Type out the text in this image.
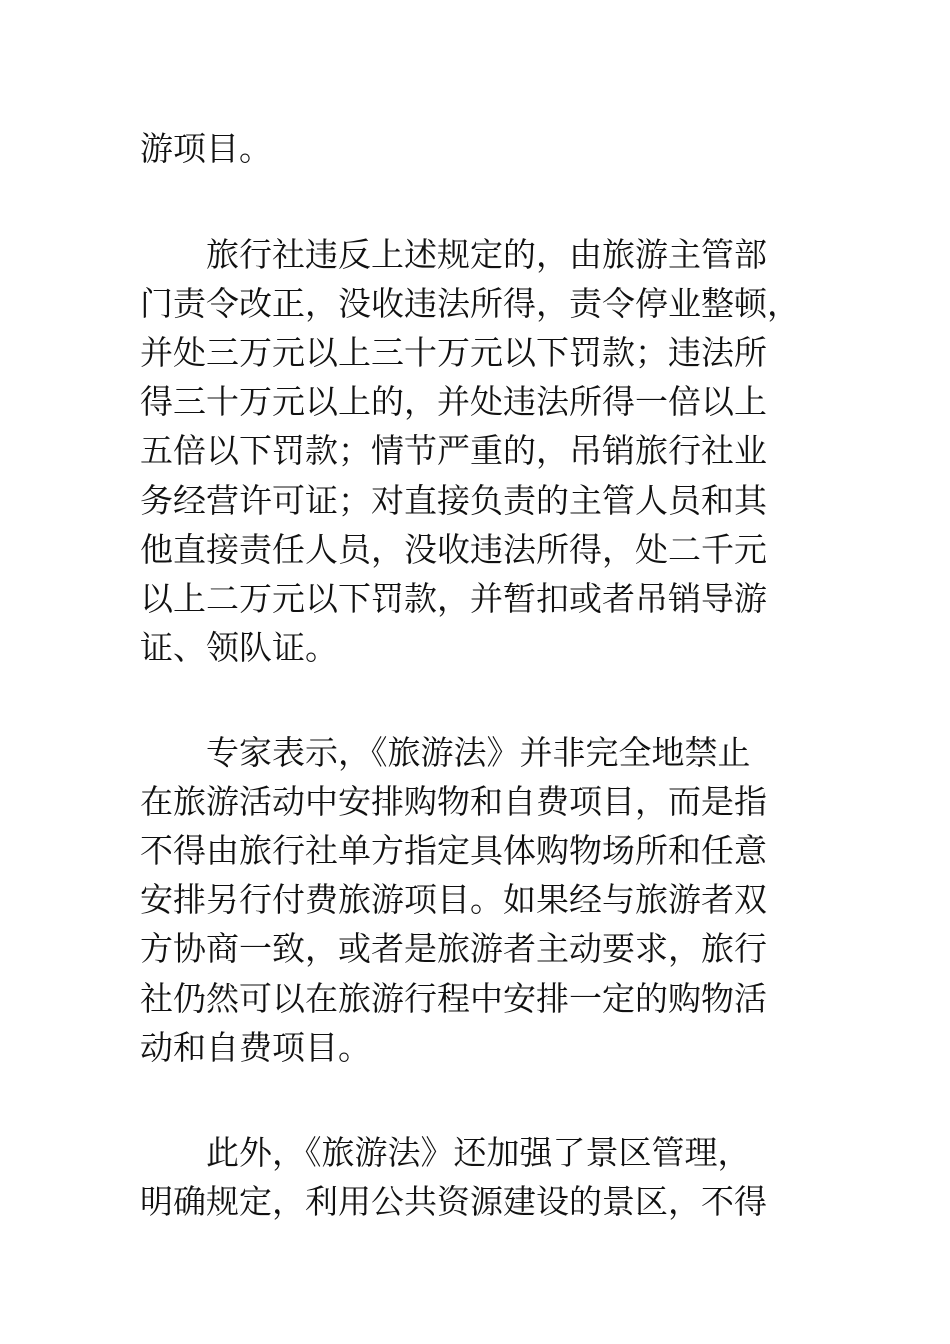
游项目。

旅行社违反上述规定的，由旅游主管部

门责令改正，没收违法所得，责令停业整顿，

并处三万元以上三十万元以下罚款；违法所

得三十万元以上的，并处违法所得一倍以上

五倍以下罚款；情节严重的，吊销旅行社业

务经营许可证；对直接负责的主管人员和其

他直接责任人员，没收违法所得，处二千元

以上二万元以下罚款，并暂扣或者吊销导游

证、领队证。

专家表示，《旅游法》并非完全地禁止

在旅游活动中安排购物和自费项目，而是指

不得由旅行社单方指定具体购物场所和任意

安排另行付费旅游项目。如果经与旅游者双

方协商一致，或者是旅游者主动要求，旅行

社仍然可以在旅游行程中安排一定的购物活

动和自费项目。

此外，《旅游法》还加强了景区管理，

明确规定，利用公共资源建设的景区，不得
